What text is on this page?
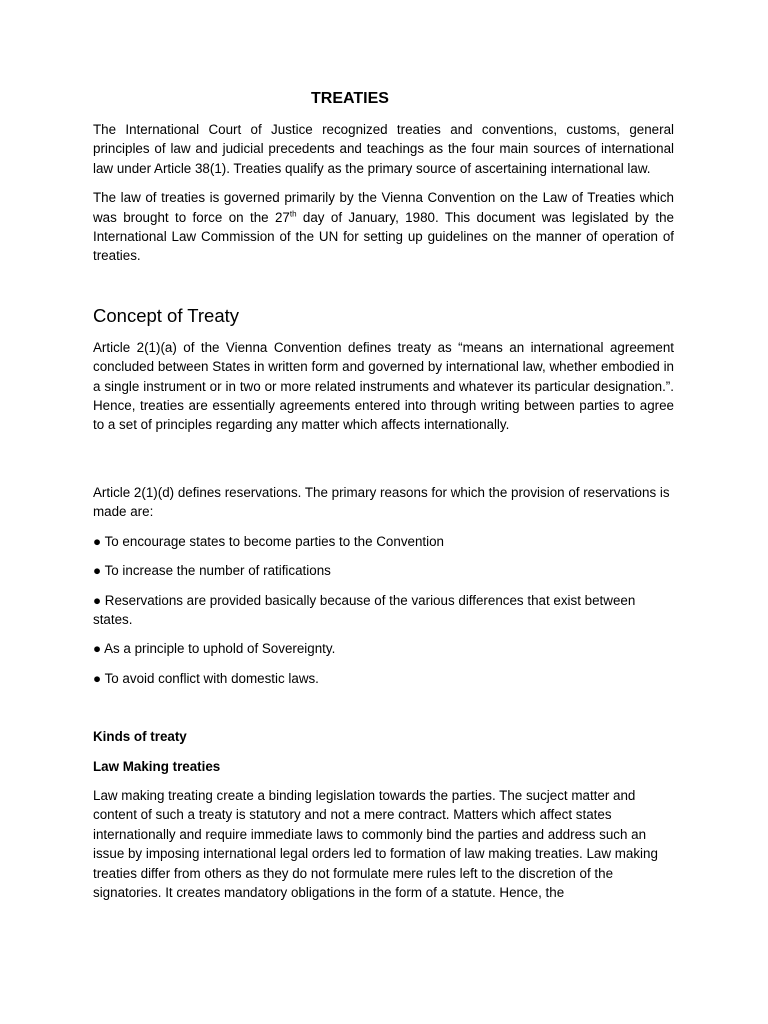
TREATIES

The International Court of Justice recognized treaties and conventions, customs, general principles of law and judicial precedents and teachings as the four main sources of international law under Article 38(1). Treaties qualify as the primary source of ascertaining international law.

The law of treaties is governed primarily by the Vienna Convention on the Law of Treaties which was brought to force on the 27th day of January, 1980. This document was legislated by the International Law Commission of the UN for setting up guidelines on the manner of operation of treaties.

Concept of Treaty

Article 2(1)(a) of the Vienna Convention defines treaty as “means an international agreement concluded between States in written form and governed by international law, whether embodied in a single instrument or in two or more related instruments and whatever its particular designation.”. Hence, treaties are essentially agreements entered into through writing between parties to agree to a set of principles regarding any matter which affects internationally.

Article 2(1)(d) defines reservations. The primary reasons for which the provision of reservations is made are:

● To encourage states to become parties to the Convention

● To increase the number of ratifications

● Reservations are provided basically because of the various differences that exist between states.

● As a principle to uphold of Sovereignty.

● To avoid conflict with domestic laws.

Kinds of treaty
Law Making treaties

Law making treating create a binding legislation towards the parties. The sucject matter and content of such a treaty is statutory and not a mere contract. Matters which affect states internationally and require immediate laws to commonly bind the parties and address such an issue by imposing international legal orders led to formation of law making treaties. Law making treaties differ from others as they do not formulate mere rules left to the discretion of the signatories. It creates mandatory obligations in the form of a statute. Hence, the
